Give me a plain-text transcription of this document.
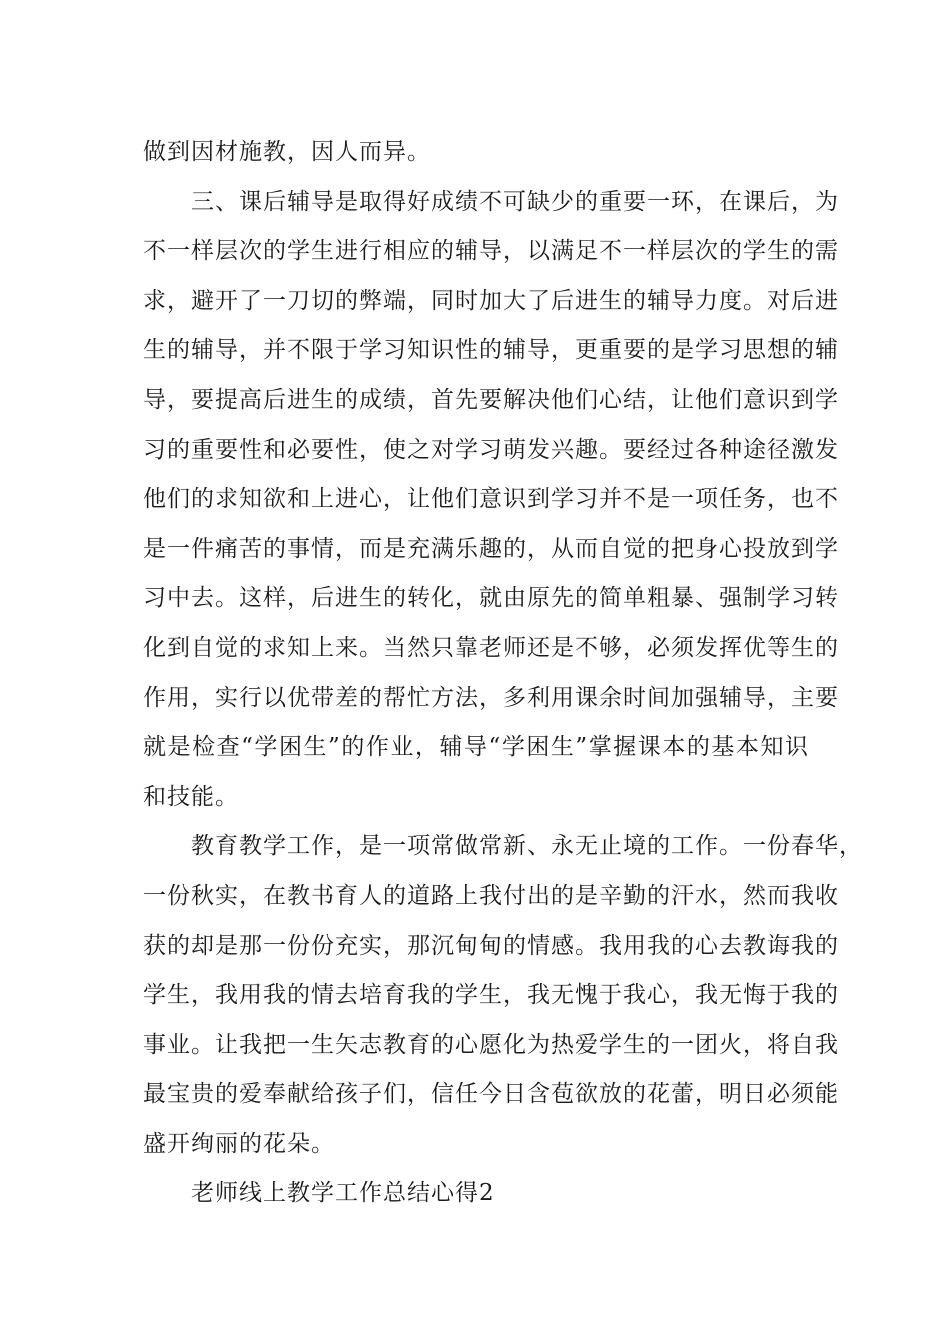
做到因材施教，因人而异。
三、课后辅导是取得好成绩不可缺少的重要一环，在课后，为
不一样层次的学生进行相应的辅导，以满足不一样层次的学生的需
求，避开了一刀切的弊端，同时加大了后进生的辅导力度。对后进
生的辅导，并不限于学习知识性的辅导，更重要的是学习思想的辅
导，要提高后进生的成绩，首先要解决他们心结，让他们意识到学
习的重要性和必要性，使之对学习萌发兴趣。要经过各种途径激发
他们的求知欲和上进心，让他们意识到学习并不是一项任务，也不
是一件痛苦的事情，而是充满乐趣的，从而自觉的把身心投放到学
习中去。这样，后进生的转化，就由原先的简单粗暴、强制学习转
化到自觉的求知上来。当然只靠老师还是不够，必须发挥优等生的
作用，实行以优带差的帮忙方法，多利用课余时间加强辅导，主要
就是检查“学困生”的作业，辅导“学困生”掌握课本的基本知识
和技能。
教育教学工作，是一项常做常新、永无止境的工作。一份春华，
一份秋实，在教书育人的道路上我付出的是辛勤的汗水，然而我收
获的却是那一份份充实，那沉甸甸的情感。我用我的心去教诲我的
学生，我用我的情去培育我的学生，我无愧于我心，我无悔于我的
事业。让我把一生矢志教育的心愿化为热爱学生的一团火，将自我
最宝贵的爱奉献给孩子们，信任今日含苞欲放的花蕾，明日必须能
盛开绚丽的花朵。
老师线上教学工作总结心得2
